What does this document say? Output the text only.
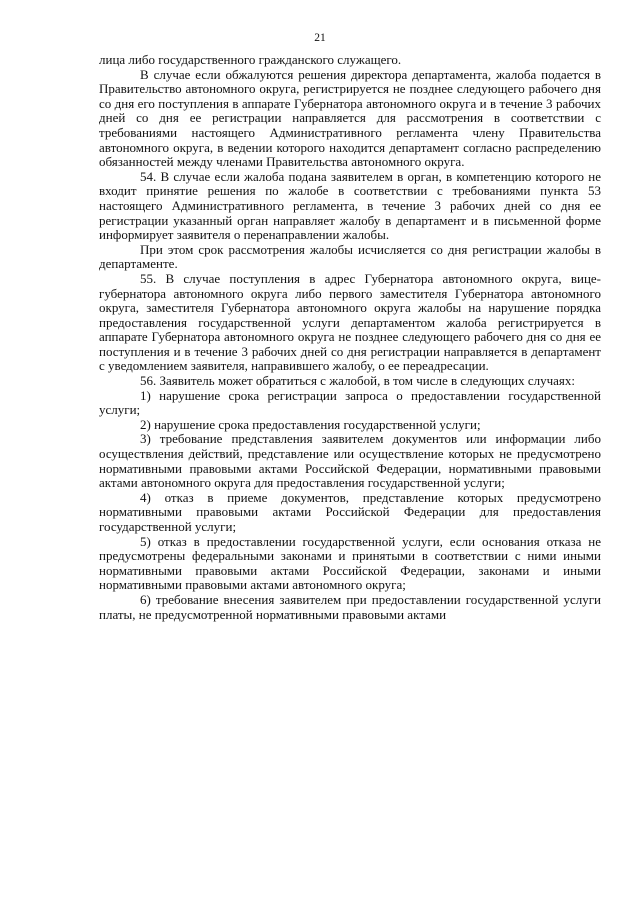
21

лица либо государственного гражданского служащего.

В случае если обжалуются решения директора департамента, жалоба подается в Правительство автономного округа, регистрируется не позднее следующего рабочего дня со дня его поступления в аппарате Губернатора автономного округа и в течение 3 рабочих дней со дня ее регистрации направляется для рассмотрения в соответствии с требованиями настоящего Административного регламента члену Правительства автономного округа, в ведении которого находится департамент согласно распределению обязанностей между членами Правительства автономного округа.

54. В случае если жалоба подана заявителем в орган, в компетенцию которого не входит принятие решения по жалобе в соответствии с требованиями пункта 53 настоящего Административного регламента, в течение 3 рабочих дней со дня ее регистрации указанный орган направляет жалобу в департамент и в письменной форме информирует заявителя о перенаправлении жалобы.

При этом срок рассмотрения жалобы исчисляется со дня регистрации жалобы в департаменте.

55. В случае поступления в адрес Губернатора автономного округа, вице-губернатора автономного округа либо первого заместителя Губернатора автономного округа, заместителя Губернатора автономного округа жалобы на нарушение порядка предоставления государственной услуги департаментом жалоба регистрируется в аппарате Губернатора автономного округа не позднее следующего рабочего дня со дня ее поступления и в течение 3 рабочих дней со дня регистрации направляется в департамент с уведомлением заявителя, направившего жалобу, о ее переадресации.

56. Заявитель может обратиться с жалобой, в том числе в следующих случаях:

1) нарушение срока регистрации запроса о предоставлении государственной услуги;

2) нарушение срока предоставления государственной услуги;

3) требование представления заявителем документов или информации либо осуществления действий, представление или осуществление которых не предусмотрено нормативными правовыми актами Российской Федерации, нормативными правовыми актами автономного округа для предоставления государственной услуги;

4) отказ в приеме документов, представление которых предусмотрено нормативными правовыми актами Российской Федерации для предоставления государственной услуги;

5) отказ в предоставлении государственной услуги, если основания отказа не предусмотрены федеральными законами и принятыми в соответствии с ними иными нормативными правовыми актами Российской Федерации, законами и иными нормативными правовыми актами автономного округа;

6) требование внесения заявителем при предоставлении государственной услуги платы, не предусмотренной нормативными правовыми актами
